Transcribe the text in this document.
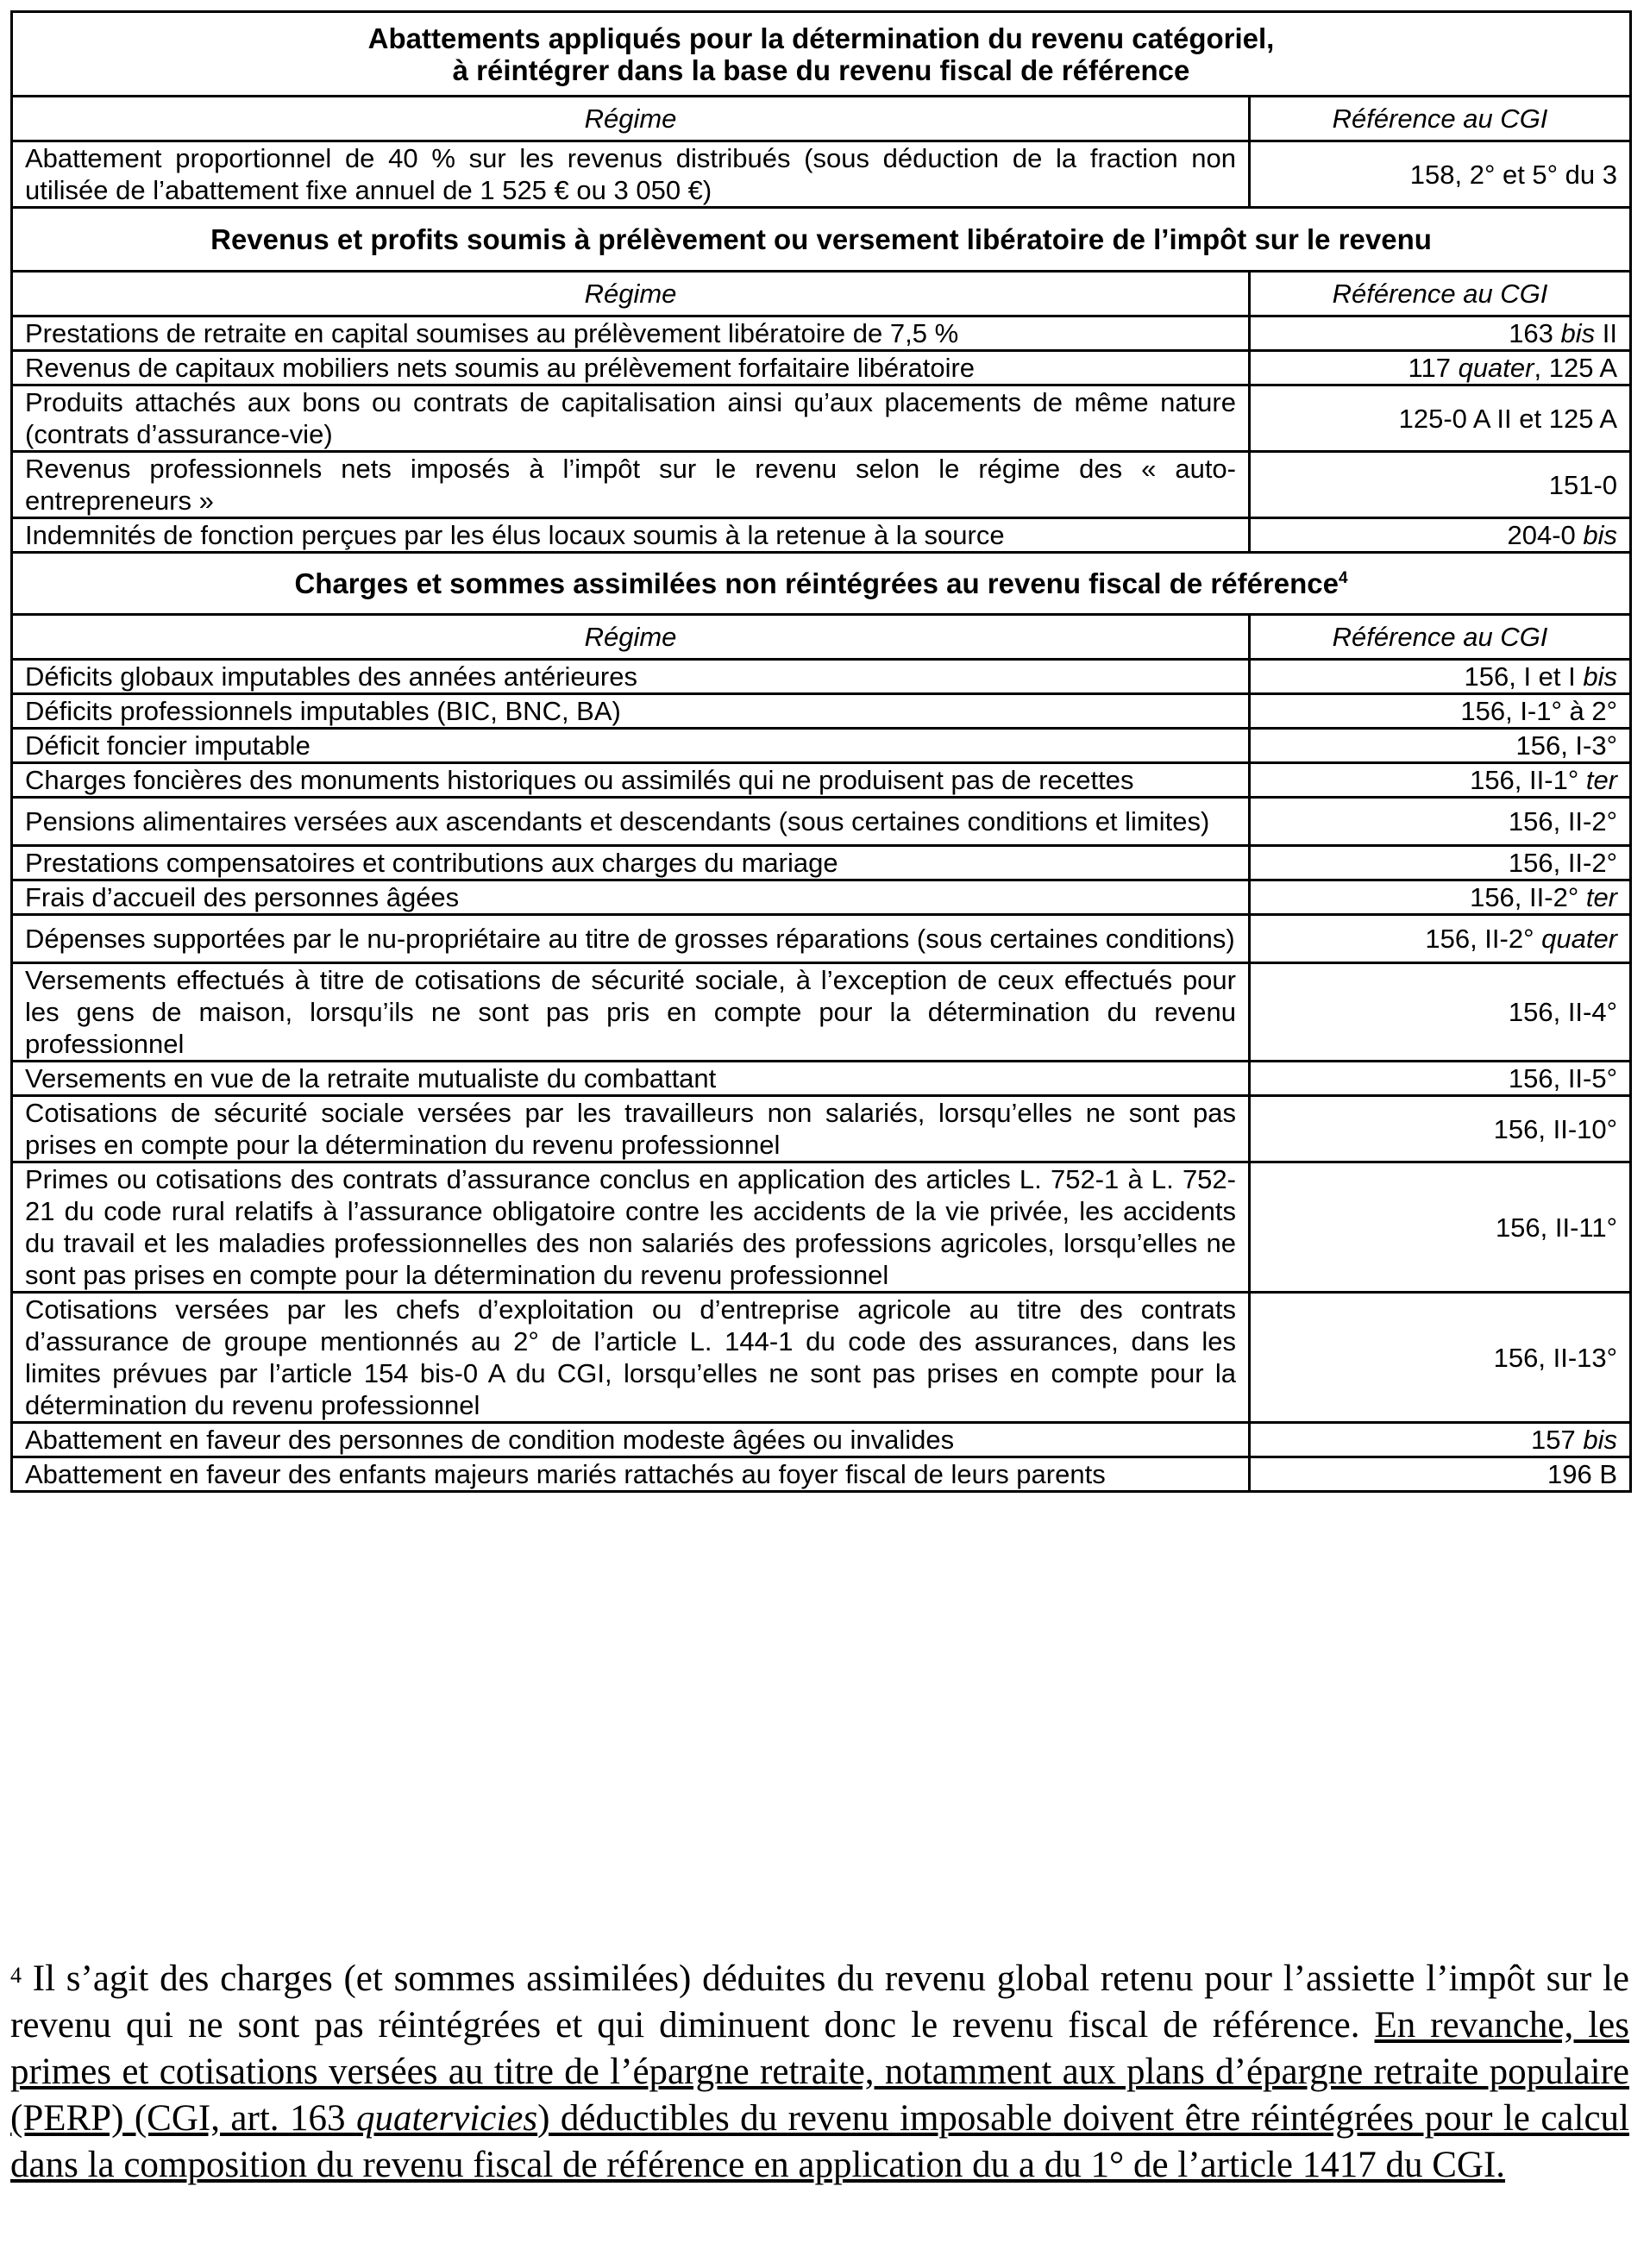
Abattements appliqués pour la détermination du revenu catégoriel,
à réintégrer dans la base du revenu fiscal de référence	
Régime	Référence au CGI
Abattement proportionnel de 40 % sur les revenus distribués (sous déduction de la fraction non utilisée de l’abattement fixe annuel de 1 525 € ou 3 050 €)	158, 2° et 5° du 3
Revenus et profits soumis à prélèvement ou versement libératoire de l’impôt sur le revenu	
Régime	Référence au CGI
Prestations de retraite en capital soumises au prélèvement libératoire de 7,5 %	163 bis II
Revenus de capitaux mobiliers nets soumis au prélèvement forfaitaire libératoire	117 quater, 125 A
Produits attachés aux bons ou contrats de capitalisation ainsi qu’aux placements de même nature (contrats d’assurance-vie)	125-0 A II et 125 A
Revenus professionnels nets imposés à l’impôt sur le revenu selon le régime des « auto-entrepreneurs »	151-0
Indemnités de fonction perçues par les élus locaux soumis à la retenue à la source	204-0 bis
Charges et sommes assimilées non réintégrées au revenu fiscal de référence$^4$
Régime	Référence au CGI
Déficits globaux imputables des années antérieures	156, I et I bis
Déficits professionnels imputables (BIC, BNC, BA)	156, I-1° à 2°
Déficit foncier imputable	156, I-3°
Charges foncières des monuments historiques ou assimilés qui ne produisent pas de recettes	156, II-1° ter
Pensions alimentaires versées aux ascendants et descendants (sous certaines conditions et limites)	156, II-2°
Prestations compensatoires et contributions aux charges du mariage	156, II-2°
Frais d’accueil des personnes âgées	156, II-2° ter
Dépenses supportées par le nu-propriétaire au titre de grosses réparations (sous certaines conditions)	156, II-2° quater
Versements effectués à titre de cotisations de sécurité sociale, à l’exception de ceux effectués pour les gens de maison, lorsqu’ils ne sont pas pris en compte pour la détermination du revenu professionnel	156, II-4°
Versements en vue de la retraite mutualiste du combattant	156, II-5°
Cotisations de sécurité sociale versées par les travailleurs non salariés, lorsqu’elles ne sont pas prises en compte pour la détermination du revenu professionnel	156, II-10°
Primes ou cotisations des contrats d’assurance conclus en application des articles L. 752-1 à L. 752-21 du code rural relatifs à l’assurance obligatoire contre les accidents de la vie privée, les accidents du travail et les maladies professionnelles des non salariés des professions agricoles, lorsqu’elles ne sont pas prises en compte pour la détermination du revenu professionnel	156, II-11°
Cotisations versées par les chefs d’exploitation ou d’entreprise agricole au titre des contrats d’assurance de groupe mentionnés au 2° de l’article L. 144-1 du code des assurances, dans les limites prévues par l’article 154 bis-0 A du CGI, lorsqu’elles ne sont pas prises en compte pour la détermination du revenu professionnel	156, II-13°
Abattement en faveur des personnes de condition modeste âgées ou invalides	157 bis
Abattement en faveur des enfants majeurs mariés rattachés au foyer fiscal de leurs parents	196 B
$^4$ Il s’agit des charges (et sommes assimilées) déduites du revenu global retenu pour l’assiette l’impôt sur le revenu qui ne sont pas réintégrées et qui diminuent donc le revenu fiscal de référence. En revanche, les primes et cotisations versées au titre de l’épargne retraite, notamment aux plans d’épargne retraite populaire (PERP) (CGI, art. 163 quatervicies) déductibles du revenu imposable doivent être réintégrées pour le calcul dans la composition du revenu fiscal de référence en application du a du 1° de l’article 1417 du CGI.
